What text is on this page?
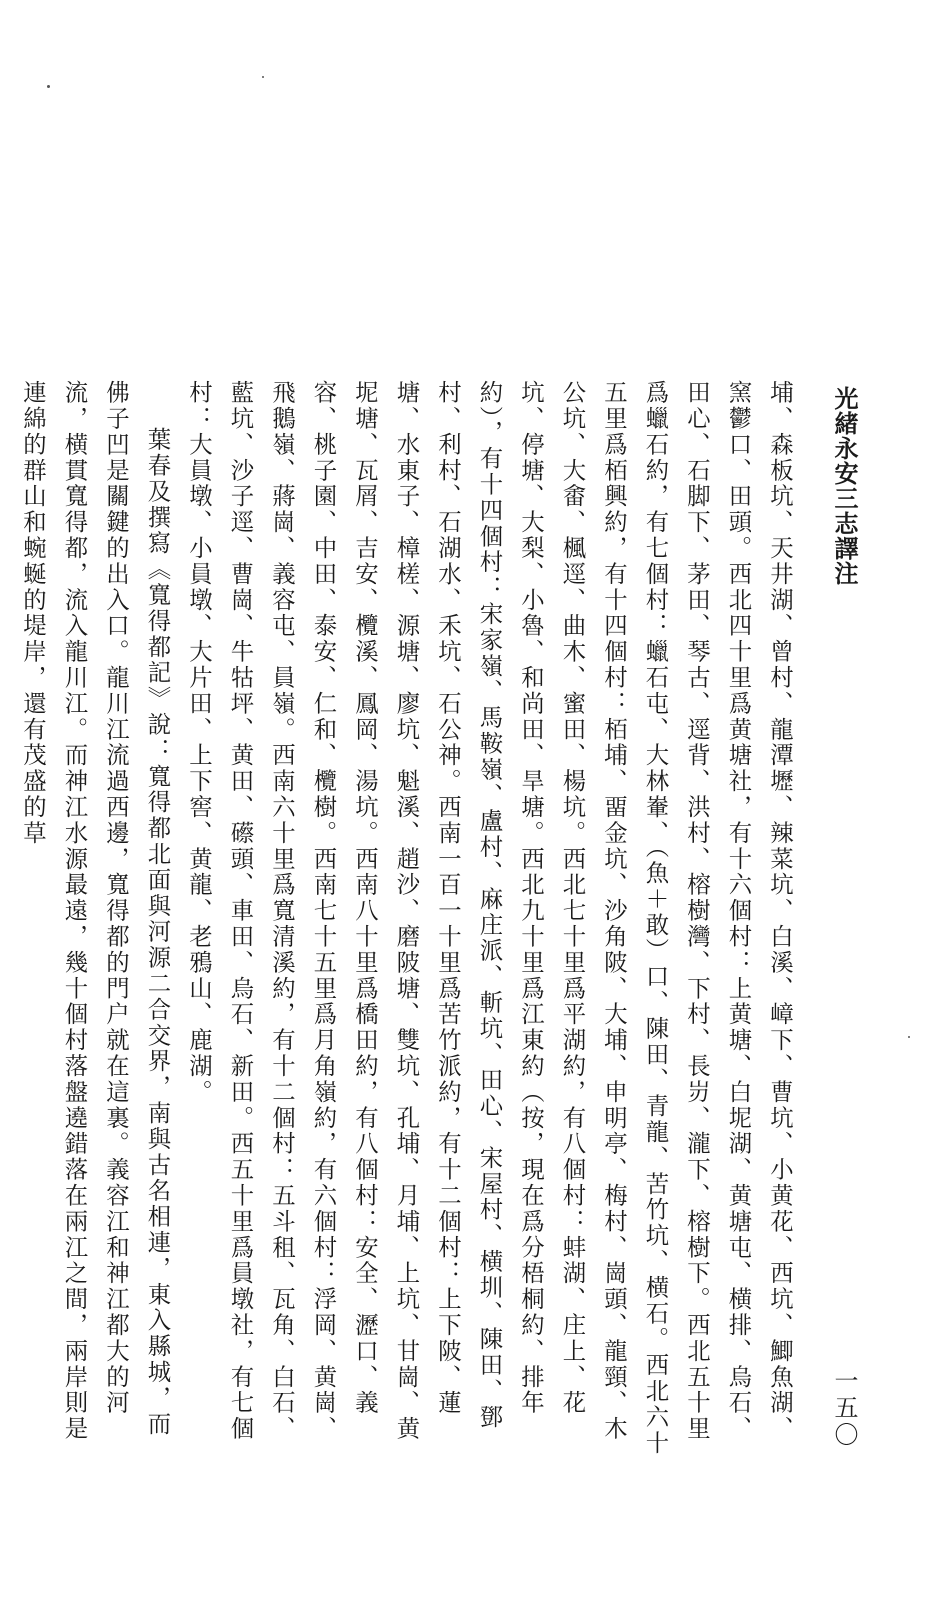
光緒永安三志譯注
一五〇

埔、森板坑、天井湖、曾村、龍潭壢、辣菜坑、白溪、嶂下、曹坑、小黄花、西坑、鯽魚湖、窯鬱口、田頭。西北四十里爲黄塘社，有十六個村：上黄塘、白坭湖、黄塘屯、横排、烏石、田心、石脚下、茅田、琴古、逕背、洪村、榕樹灣、下村、長岃、瀧下、榕樹下。西北五十里爲蠟石約，有七個村：蠟石屯、大林輋、（魚＋敢）口、陳田、青龍、苦竹坑、横石。西北六十五里爲栢興約，有十四個村：栢埔、畱金坑、沙角陂、大埔、申明亭、梅村、崗頭、龍頸、木公坑、大畬、楓逕、曲木、蜜田、楊坑。西北七十里爲平湖約，有八個村：蚌湖、庄上、花坑、停塘、大梨、小魯、和尚田、旱塘。西北九十里爲江東約（按，現在爲分梧桐約、排年約），有十四個村：宋家嶺、馬鞍嶺、盧村、麻庄派、斬坑、田心、宋屋村、横圳、陳田、鄧村、利村、石湖水、禾坑、石公神。西南一百一十里爲苦竹派約，有十二個村：上下陂、蓮塘、水東子、樟槎、源塘、廖坑、魁溪、趙沙、磨陂塘、雙坑、孔埔、月埔、上坑、甘崗、黄坭塘、瓦屑、吉安、欖溪、鳳岡、湯坑。西南八十里爲橋田約，有八個村：安全、瀝口、義容、桃子園、中田、泰安、仁和、欖樹。西南七十五里爲月角嶺約，有六個村：浮岡、黄崗、飛鵝嶺、蔣崗、義容屯、員嶺。西南六十里爲寬清溪約，有十二個村：五斗租、瓦角、白石、藍坑、沙子逕、曹崗、牛牯坪、黄田、礤頭、車田、烏石、新田。西五十里爲員墩社，有七個村：大員墩、小員墩、大片田、上下窖、黄龍、老鴉山、鹿湖。

葉春及撰寫《寬得都記》說：寬得都北面與河源二合交界，南與古名相連，東入縣城，而佛子凹是關鍵的出入口。龍川江流過西邊，寬得都的門户就在這裏。義容江和神江都大的河流，横貫寬得都，流入龍川江。而神江水源最遠，幾十個村落盤遶錯落在兩江之間，兩岸則是連綿的群山和蜿蜒的堤岸，還有茂盛的草
